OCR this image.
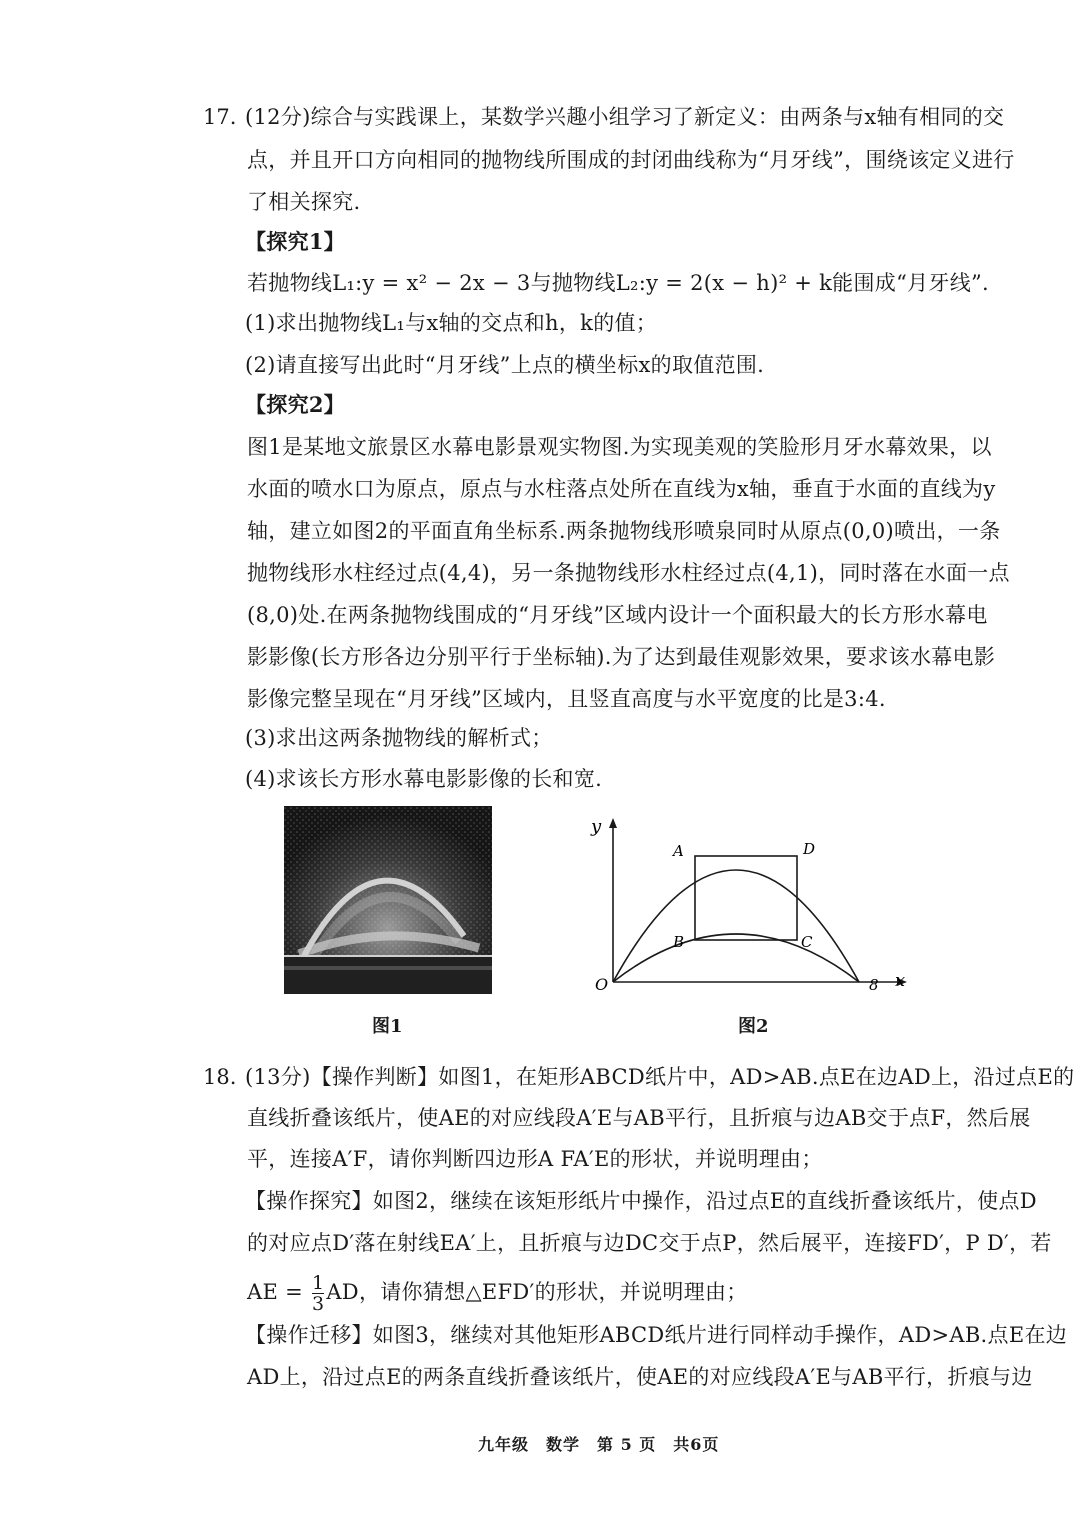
17. (12分)综合与实践课上，某数学兴趣小组学习了新定义：由两条与x轴有相同的交
点，并且开口方向相同的抛物线所围成的封闭曲线称为“月牙线”，围绕该定义进行
了相关探究.
【探究1】
若抛物线L₁:y = x² − 2x − 3与抛物线L₂:y = 2(x − h)² + k能围成“月牙线”.
(1)求出抛物线L₁与x轴的交点和h，k的值；
(2)请直接写出此时“月牙线”上点的横坐标x的取值范围.
【探究2】
图1是某地文旅景区水幕电影景观实物图.为实现美观的笑脸形月牙水幕效果，以
水面的喷水口为原点，原点与水柱落点处所在直线为x轴，垂直于水面的直线为y
轴，建立如图2的平面直角坐标系.两条抛物线形喷泉同时从原点(0,0)喷出，一条
抛物线形水柱经过点(4,4)，另一条抛物线形水柱经过点(4,1)，同时落在水面一点
(8,0)处.在两条抛物线围成的“月牙线”区域内设计一个面积最大的长方形水幕电
影影像(长方形各边分别平行于坐标轴).为了达到最佳观影效果，要求该水幕电影
影像完整呈现在“月牙线”区域内，且竖直高度与水平宽度的比是3:4.
(3)求出这两条抛物线的解析式；
(4)求该长方形水幕电影影像的长和宽.
图1
y
x
O	8
A	D
B	C
图2
18. (13分)【操作判断】如图1，在矩形ABCD纸片中，AD>AB.点E在边AD上，沿过点E的
直线折叠该纸片，使AE的对应线段A′E与AB平行，且折痕与边AB交于点F，然后展
平，连接A′F，请你判断四边形A FA′E的形状，并说明理由；
【操作探究】如图2，继续在该矩形纸片中操作，沿过点E的直线折叠该纸片，使点D
的对应点D′落在射线EA′上，且折痕与边DC交于点P，然后展平，连接FD′，P D′，若
AE = $\frac{1}{3}$ AD，请你猜想△EFD′的形状，并说明理由；
【操作迁移】如图3，继续对其他矩形ABCD纸片进行同样动手操作，AD>AB.点E在边
AD上，沿过点E的两条直线折叠该纸片，使AE的对应线段A′E与AB平行，折痕与边
九年级　数学　第 5 页　共6页
